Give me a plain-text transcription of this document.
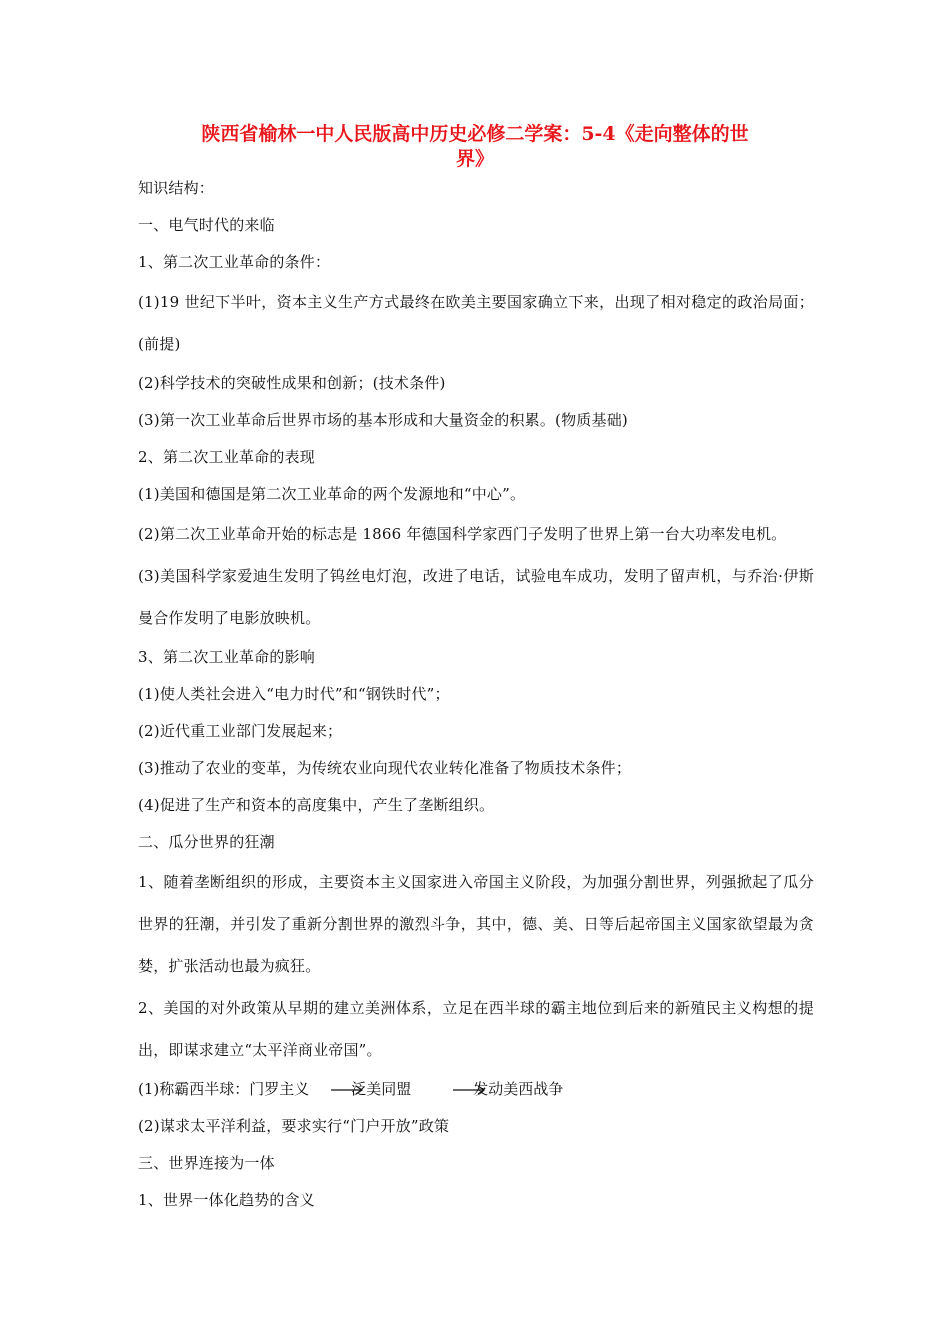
陕西省榆林一中人民版高中历史必修二学案：5-4《走向整体的世
界》
知识结构：
一、电气时代的来临
1、第二次工业革命的条件：
(1)19 世纪下半叶，资本主义生产方式最终在欧美主要国家确立下来，出现了相对稳定的政治局面；(前提)
(2)科学技术的突破性成果和创新；(技术条件)
(3)第一次工业革命后世界市场的基本形成和大量资金的积累。(物质基础)
2、第二次工业革命的表现
(1)美国和德国是第二次工业革命的两个发源地和“中心”。
(2)第二次工业革命开始的标志是 1866 年德国科学家西门子发明了世界上第一台大功率发电机。
(3)美国科学家爱迪生发明了钨丝电灯泡，改进了电话，试验电车成功，发明了留声机，与乔治·伊斯曼合作发明了电影放映机。
3、第二次工业革命的影响
(1)使人类社会进入“电力时代”和“钢铁时代”；
(2)近代重工业部门发展起来；
(3)推动了农业的变革，为传统农业向现代农业转化准备了物质技术条件；
(4)促进了生产和资本的高度集中，产生了垄断组织。
二、瓜分世界的狂潮
1、随着垄断组织的形成，主要资本主义国家进入帝国主义阶段，为加强分割世界，列强掀起了瓜分世界的狂潮，并引发了重新分割世界的激烈斗争，其中，德、美、日等后起帝国主义国家欲望最为贪婪，扩张活动也最为疯狂。
2、美国的对外政策从早期的建立美洲体系，立足在西半球的霸主地位到后来的新殖民主义构想的提出，即谋求建立“太平洋商业帝国”。
(1)称霸西半球：门罗主义	泛美同盟	发动美西战争
(2)谋求太平洋利益，要求实行“门户开放”政策
三、世界连接为一体
1、世界一体化趋势的含义
